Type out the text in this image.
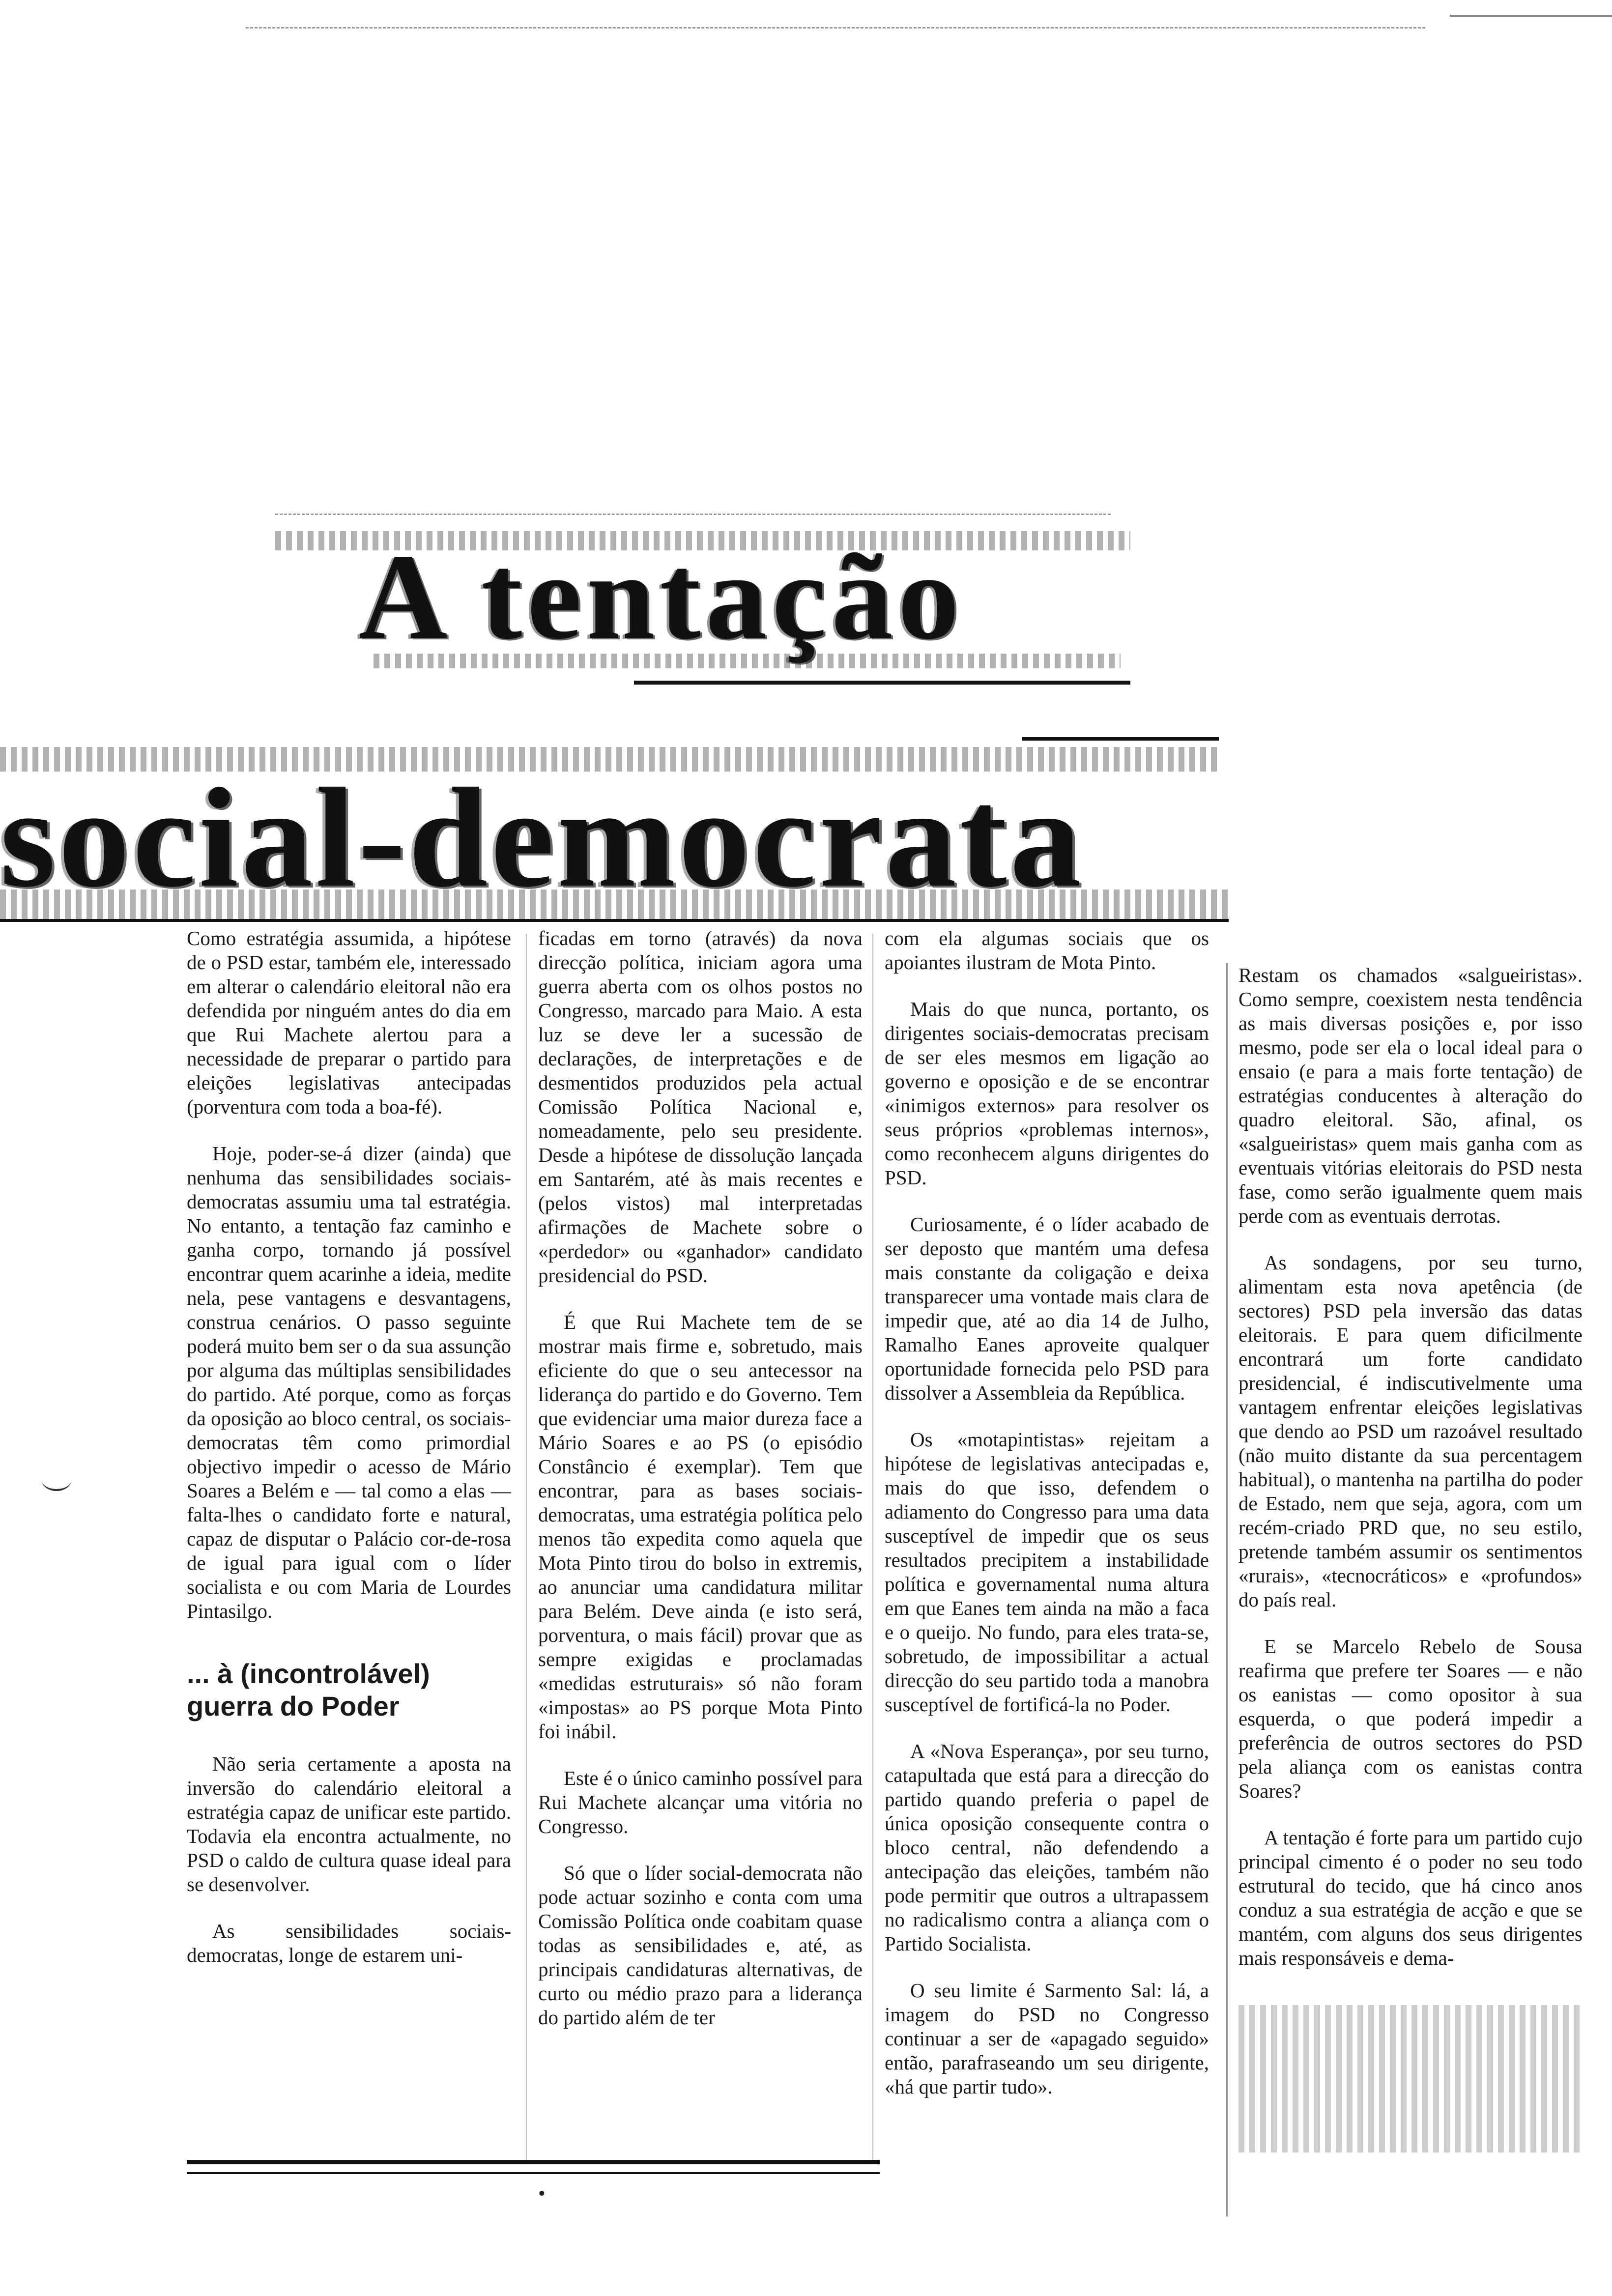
A tentação
social-democrata

Como estratégia assumida, a hipótese de o PSD estar, também ele, interessado em alterar o calendário eleitoral não era defendida por ninguém antes do dia em que Rui Machete alertou para a necessidade de preparar o partido para eleições legislativas antecipadas (porventura com toda a boa-fé).

Hoje, poder-se-á dizer (ainda) que nenhuma das sensibilidades sociais-democratas assumiu uma tal estratégia. No entanto, a tentação faz caminho e ganha corpo, tornando já possível encontrar quem acarinhe a ideia, medite nela, pese vantagens e desvantagens, construa cenários. O passo seguinte poderá muito bem ser o da sua assunção por alguma das múltiplas sensibilidades do partido. Até porque, como as forças da oposição ao bloco central, os sociais-democratas têm como primordial objectivo impedir o acesso de Mário Soares a Belém e — tal como a elas — falta-lhes o candidato forte e natural, capaz de disputar o Palácio cor-de-rosa de igual para igual com o líder socialista e ou com Maria de Lourdes Pintasilgo.

... à (incontrolável) guerra do Poder

Não seria certamente a aposta na inversão do calendário eleitoral a estratégia capaz de unificar este partido. Todavia ela encontra actualmente, no PSD o caldo de cultura quase ideal para se desenvolver.

As sensibilidades sociais-democratas, longe de estarem uni-

ficadas em torno (através) da nova direcção política, iniciam agora uma guerra aberta com os olhos postos no Congresso, marcado para Maio. A esta luz se deve ler a sucessão de declarações, de interpretações e de desmentidos produzidos pela actual Comissão Política Nacional e, nomeadamente, pelo seu presidente. Desde a hipótese de dissolução lançada em Santarém, até às mais recentes e (pelos vistos) mal interpretadas afirmações de Machete sobre o «perdedor» ou «ganhador» candidato presidencial do PSD.

É que Rui Machete tem de se mostrar mais firme e, sobretudo, mais eficiente do que o seu antecessor na liderança do partido e do Governo. Tem que evidenciar uma maior dureza face a Mário Soares e ao PS (o episódio Constâncio é exemplar). Tem que encontrar, para as bases sociais-democratas, uma estratégia política pelo menos tão expedita como aquela que Mota Pinto tirou do bolso in extremis, ao anunciar uma candidatura militar para Belém. Deve ainda (e isto será, porventura, o mais fácil) provar que as sempre exigidas e proclamadas «medidas estruturais» só não foram «impostas» ao PS porque Mota Pinto foi inábil.

Este é o único caminho possível para Rui Machete alcançar uma vitória no Congresso.

Só que o líder social-democrata não pode actuar sozinho e conta com uma Comissão Política onde coabitam quase todas as sensibilidades e, até, as principais candidaturas alternativas, de curto ou médio prazo para a liderança do partido além de ter

com ela algumas sociais que os apoiantes ilustram de Mota Pinto.

Mais do que nunca, portanto, os dirigentes sociais-democratas precisam de ser eles mesmos em ligação ao governo e oposição e de se encontrar «inimigos externos» para resolver os seus próprios «problemas internos», como reconhecem alguns dirigentes do PSD.

Curiosamente, é o líder acabado de ser deposto que mantém uma defesa mais constante da coligação e deixa transparecer uma vontade mais clara de impedir que, até ao dia 14 de Julho, Ramalho Eanes aproveite qualquer oportunidade fornecida pelo PSD para dissolver a Assembleia da República.

Os «motapintistas» rejeitam a hipótese de legislativas antecipadas e, mais do que isso, defendem o adiamento do Congresso para uma data susceptível de impedir que os seus resultados precipitem a instabilidade política e governamental numa altura em que Eanes tem ainda na mão a faca e o queijo. No fundo, para eles trata-se, sobretudo, de impossibilitar a actual direcção do seu partido toda a manobra susceptível de fortificá-la no Poder.

A «Nova Esperança», por seu turno, catapultada que está para a direcção do partido quando preferia o papel de única oposição consequente contra o bloco central, não defendendo a antecipação das eleições, também não pode permitir que outros a ultrapassem no radicalismo contra a aliança com o Partido Socialista.

O seu limite é Sarmento Sal: lá, a imagem do PSD no Congresso continuar a ser de «apagado seguido» então, parafraseando um seu dirigente, «há que partir tudo».

Restam os chamados «salgueiristas». Como sempre, coexistem nesta tendência as mais diversas posições e, por isso mesmo, pode ser ela o local ideal para o ensaio (e para a mais forte tentação) de estratégias conducentes à alteração do quadro eleitoral. São, afinal, os «salgueiristas» quem mais ganha com as eventuais vitórias eleitorais do PSD nesta fase, como serão igualmente quem mais perde com as eventuais derrotas.

As sondagens, por seu turno, alimentam esta nova apetência (de sectores) PSD pela inversão das datas eleitorais. E para quem dificilmente encontrará um forte candidato presidencial, é indiscutivelmente uma vantagem enfrentar eleições legislativas que dendo ao PSD um razoável resultado (não muito distante da sua percentagem habitual), o mantenha na partilha do poder de Estado, nem que seja, agora, com um recém-criado PRD que, no seu estilo, pretende também assumir os sentimentos «rurais», «tecnocráticos» e «profundos» do país real.

E se Marcelo Rebelo de Sousa reafirma que prefere ter Soares — e não os eanistas — como opositor à sua esquerda, o que poderá impedir a preferência de outros sectores do PSD pela aliança com os eanistas contra Soares?

A tentação é forte para um partido cujo principal cimento é o poder no seu todo estrutural do tecido, que há cinco anos conduz a sua estratégia de acção e que se mantém, com alguns dos seus dirigentes mais responsáveis e dema-

•
